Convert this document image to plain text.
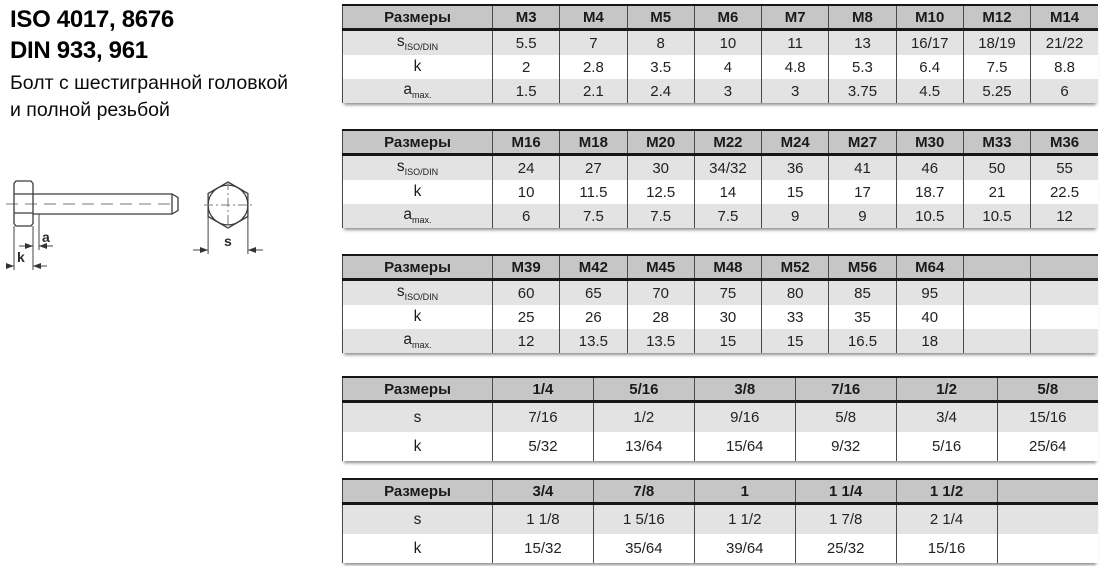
ISO 4017, 8676
DIN 933, 961
Болт с шестигранной головкой
и полной резьбой
a
k
s
Размеры	M3	M4	M5	M6	M7	M8	M10	M12	M14
$s_{ISO/DIN}$	5.5	7	8	10	11	13	16/17	18/19	21/22
k	2	2.8	3.5	4	4.8	5.3	6.4	7.5	8.8
$a_{max.}$	1.5	2.1	2.4	3	3	3.75	4.5	5.25	6
Размеры	M16	M18	M20	M22	M24	M27	M30	M33	M36
$s_{ISO/DIN}$	24	27	30	34/32	36	41	46	50	55
k	10	11.5	12.5	14	15	17	18.7	21	22.5
$a_{max.}$	6	7.5	7.5	7.5	9	9	10.5	10.5	12
Размеры	M39	M42	M45	M48	M52	M56	M64		
$s_{ISO/DIN}$	60	65	70	75	80	85	95		
k	25	26	28	30	33	35	40		
$a_{max.}$	12	13.5	13.5	15	15	16.5	18		
Размеры	1/4	5/16	3/8	7/16	1/2	5/8
s	7/16	1/2	9/16	5/8	3/4	15/16
k	5/32	13/64	15/64	9/32	5/16	25/64
Размеры	3/4	7/8	1	1 1/4	1 1/2	
s	1 1/8	1 5/16	1 1/2	1 7/8	2 1/4	
k	15/32	35/64	39/64	25/32	15/16	
